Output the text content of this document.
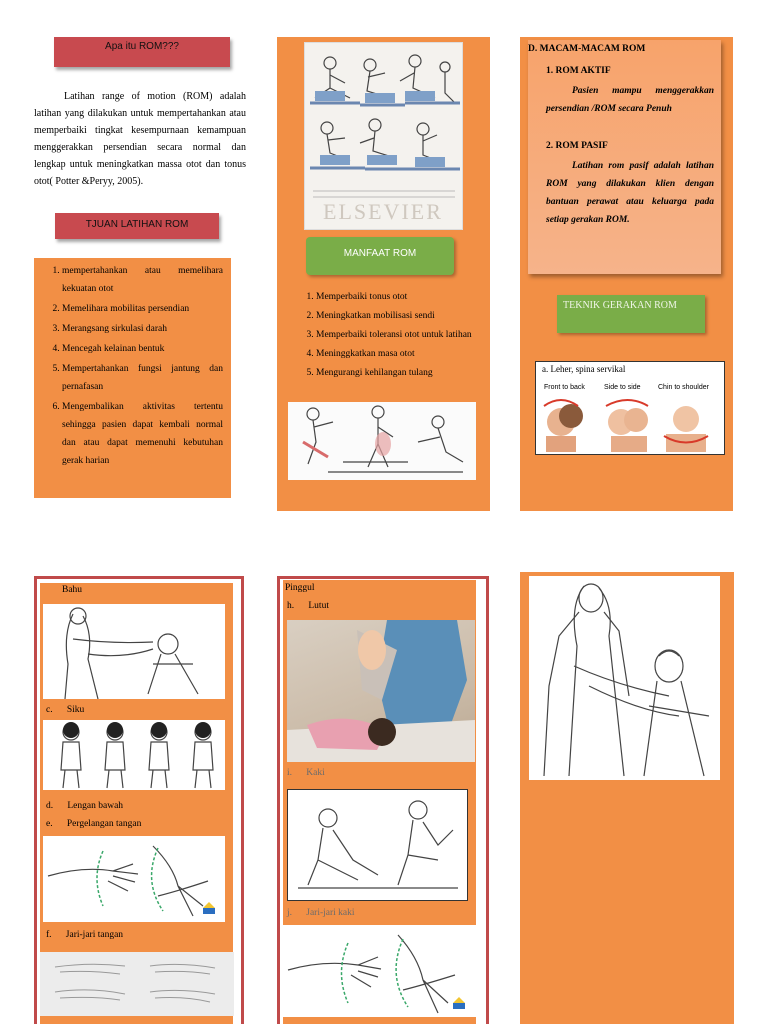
Apa itu ROM???
Latihan range of motion (ROM) adalah latihan yang dilakukan untuk mempertahankan atau memperbaiki tingkat kesempurnaan kemampuan menggerakkan persendian secara normal dan lengkap untuk meningkatkan massa otot dan tonus otot( Potter &Peryy, 2005).
TJUAN LATIHAN ROM
1. mempertahankan atau memelihara kekuatan otot
2. Memelihara mobilitas persendian
3. Merangsang sirkulasi darah
4. Mencegah kelainan bentuk
5. Mempertahankan fungsi jantung dan pernafasan
6. Mengembalikan aktivitas tertentu sehingga pasien dapat kembali normal dan atau dapat memenuhi kebutuhan gerak harian
ELSEVIER
MANFAAT ROM
1. Memperbaiki tonus otot
2. Meningkatkan mobilisasi sendi
3. Memperbaiki toleransi otot untuk latihan
4. Meninggkatkan masa otot
5. Mengurangi kehilangan tulang
D. MACAM-MACAM ROM
1. ROM AKTIF
Pasien mampu menggerakkan persendian /ROM secara Penuh
2. ROM PASIF
Latihan rom pasif adalah latihan ROM yang dilakukan klien dengan bantuan perawat atau keluarga pada setiap gerakan ROM.
TEKNIK GERAKAN ROM
a. Leher, spina servikal
Front to back	Side to side Chin to shoulder
Bahu
c. Siku
d. Lengan bawah
e. Pergelangan tangan
f. Jari-jari tangan
Pinggul
h. Lutut
i. Kaki
j. Jari-jari kaki
